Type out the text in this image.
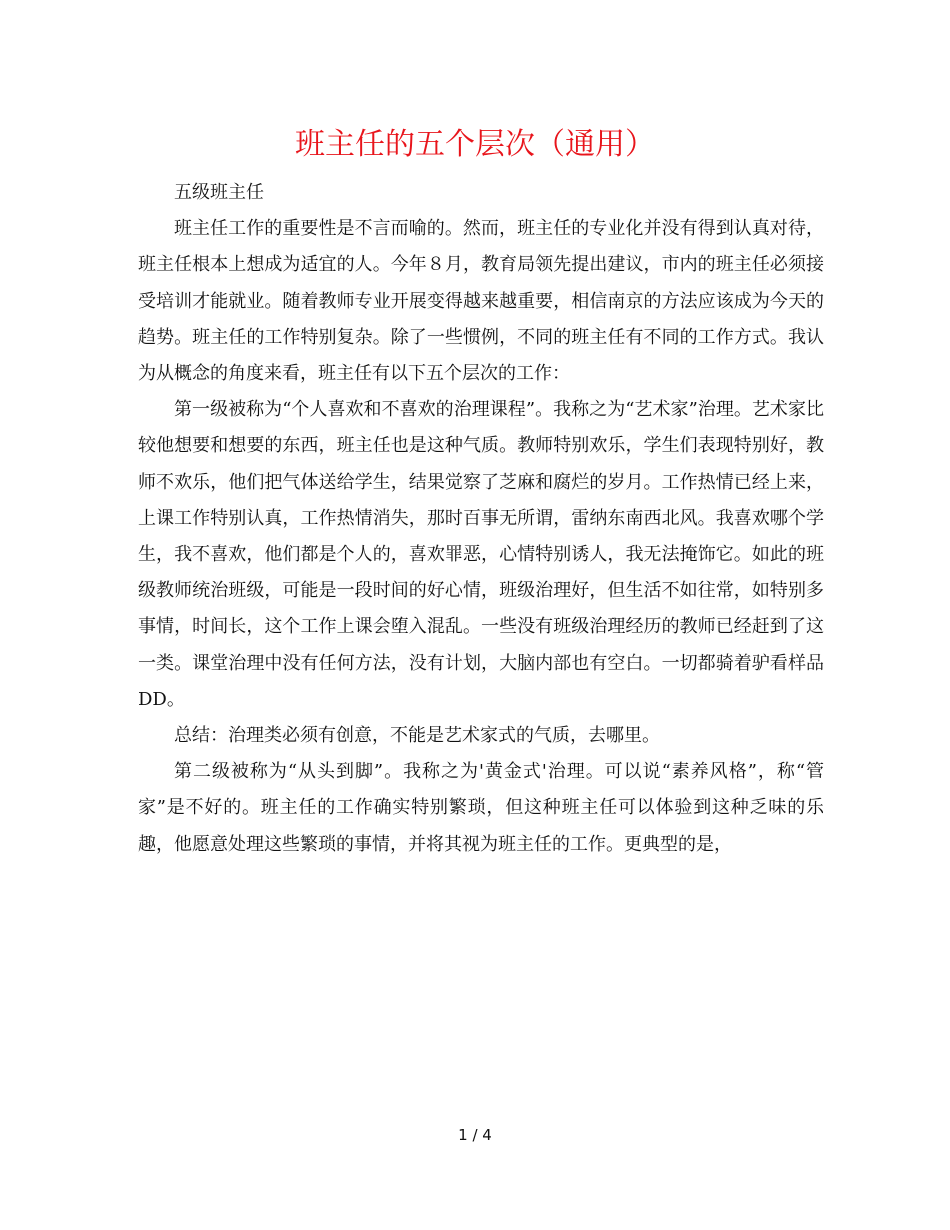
班主任的五个层次（通用）

五级班主任

班主任工作的重要性是不言而喻的。然而，班主任的专业化并没有得到认真对待，班主任根本上想成为适宜的人。今年８月，教育局领先提出建议，市内的班主任必须接受培训才能就业。随着教师专业开展变得越来越重要，相信南京的方法应该成为今天的趋势。班主任的工作特别复杂。除了一些惯例，不同的班主任有不同的工作方式。我认为从概念的角度来看，班主任有以下五个层次的工作：

第一级被称为“个人喜欢和不喜欢的治理课程”。我称之为“艺术家”治理。艺术家比较他想要和想要的东西，班主任也是这种气质。教师特别欢乐，学生们表现特别好，教师不欢乐，他们把气体送给学生，结果觉察了芝麻和腐烂的岁月。工作热情已经上来，上课工作特别认真，工作热情消失，那时百事无所谓，雷纳东南西北风。我喜欢哪个学生，我不喜欢，他们都是个人的，喜欢罪恶，心情特别诱人，我无法掩饰它。如此的班级教师统治班级，可能是一段时间的好心情，班级治理好，但生活不如往常，如特别多事情，时间长，这个工作上课会堕入混乱。一些没有班级治理经历的教师已经赶到了这一类。课堂治理中没有任何方法，没有计划，大脑内部也有空白。一切都骑着驴看样品DD。

总结：治理类必须有创意，不能是艺术家式的气质，去哪里。

第二级被称为“从头到脚”。我称之为'黄金式'治理。可以说“素养风格”，称“管家”是不好的。班主任的工作确实特别繁琐，但这种班主任可以体验到这种乏味的乐趣，他愿意处理这些繁琐的事情，并将其视为班主任的工作。更典型的是，

1 / 4
